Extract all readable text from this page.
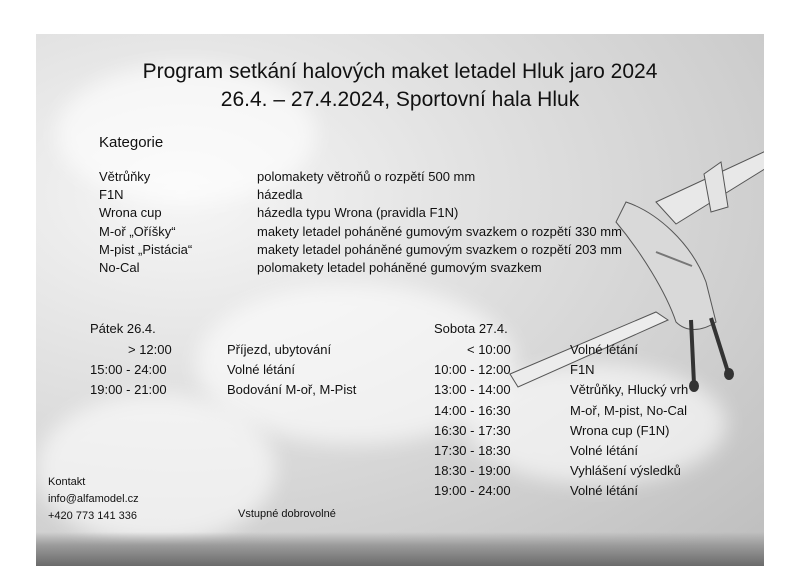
Program setkání halových maket letadel Hluk jaro 2024
26.4. – 27.4.2024, Sportovní hala Hluk
Kategorie
Větrůňky	polomakety větroňů o rozpětí 500 mm
F1N	házedla
Wrona cup	házedla typu Wrona (pravidla F1N)
M-oř „Oříšky“	makety letadel poháněné gumovým svazkem o rozpětí 330 mm
M-pist „Pistácia“	makety letadel poháněné gumovým svazkem o rozpětí 203 mm
No-Cal	polomakety letadel poháněné gumovým svazkem
Pátek 26.4.
> 12:00	Příjezd, ubytování
15:00 - 24:00	Volné létání
19:00 - 21:00	Bodování M-oř, M-Pist
Sobota 27.4.
< 10:00	Volné létání
10:00 - 12:00	F1N
13:00 - 14:00	Větrůňky, Hlucký vrh
14:00 - 16:30	M-oř, M-pist, No-Cal
16:30 - 17:30	Wrona cup (F1N)
17:30 - 18:30	Volné létání
18:30 - 19:00	Vyhlášení výsledků
19:00 - 24:00	Volné létání
Kontakt
info@alfamodel.cz
+420 773 141 336	Vstupné dobrovolné
